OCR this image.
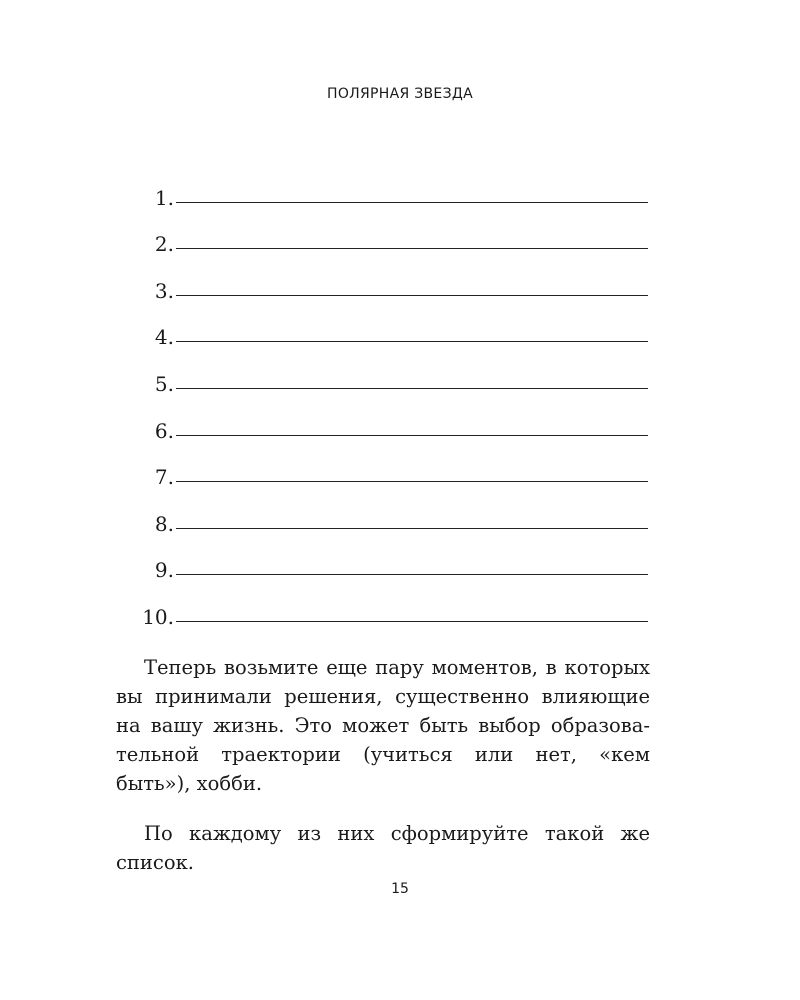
ПОЛЯРНАЯ ЗВЕЗДА
1.
2.
3.
4.
5.
6.
7.
8.
9.
10.

Теперь возьмите еще пару моментов, в которых вы принимали решения, существенно влияющие на вашу жизнь. Это может быть выбор образова-тельной траектории (учиться или нет, «кем быть»), хобби.

По каждому из них сформируйте такой же список.

15
